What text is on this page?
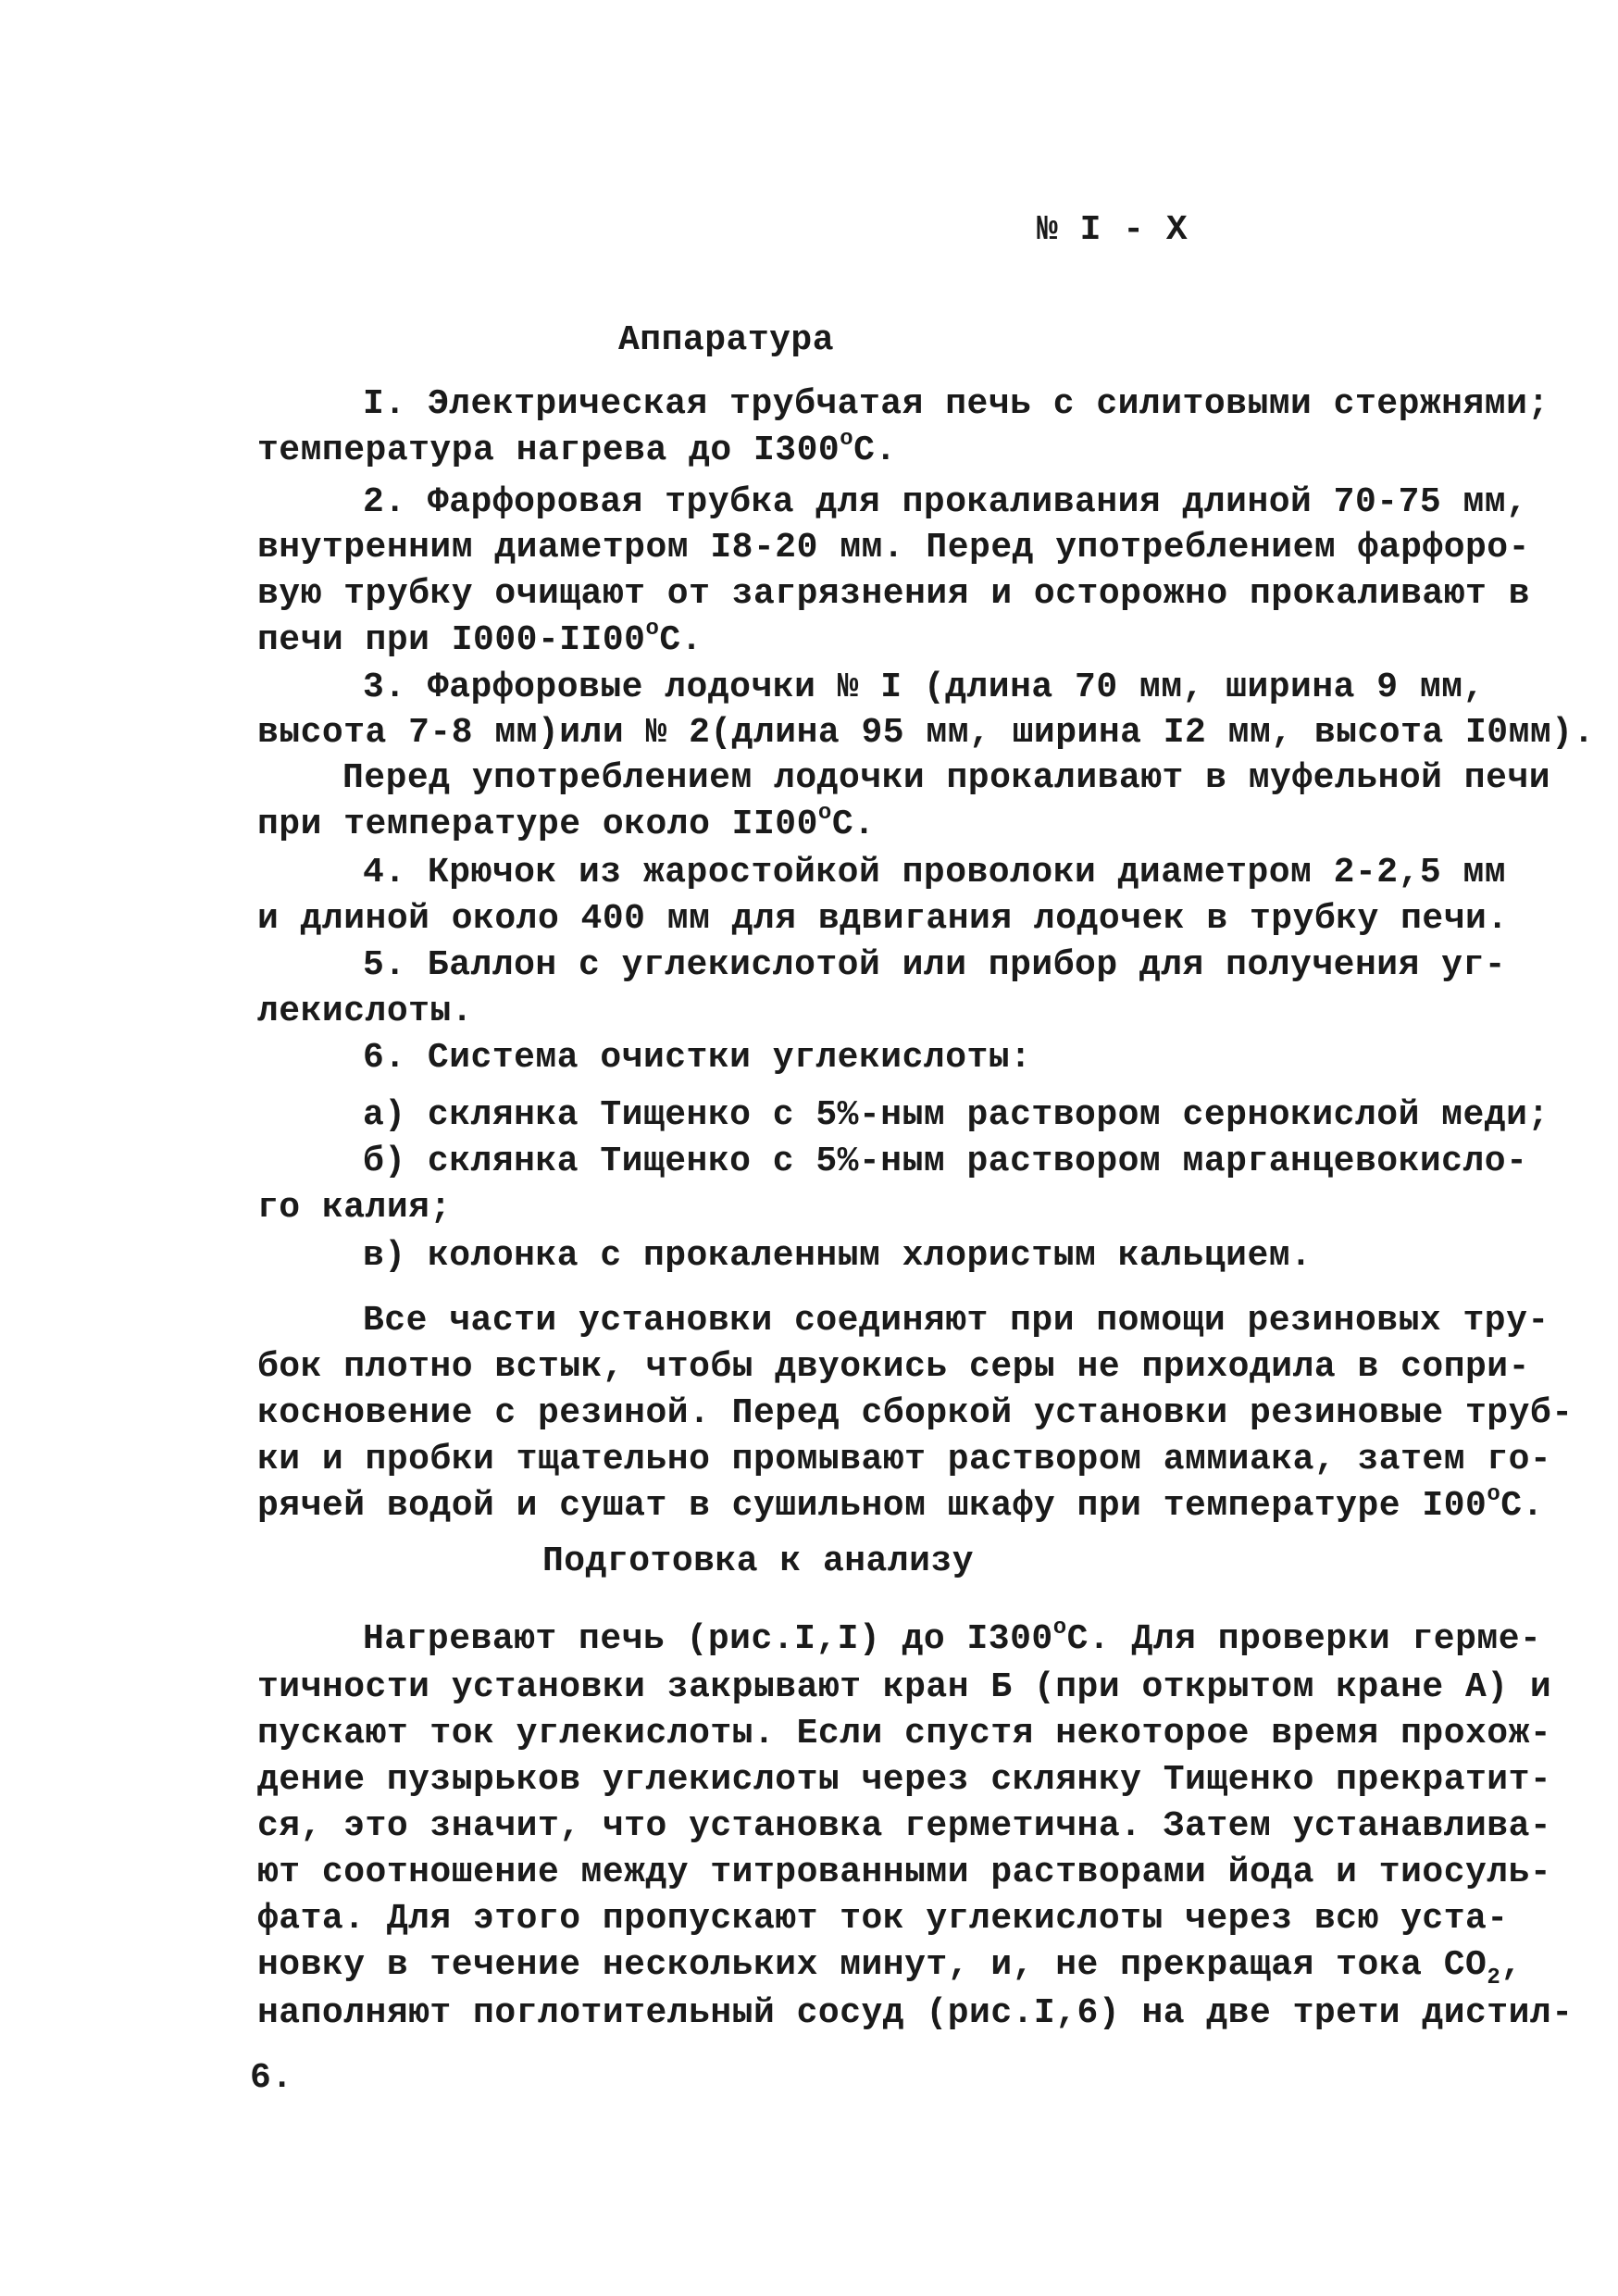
№ I - X

Аппаратура

I. Электрическая трубчатая печь с силитовыми стержнями;

температура нагрева до $I300^оС$.

2. Фарфоровая трубка для прокаливания длиной 70-75 мм,

внутренним диаметром I8-20 мм. Перед употреблением фарфоро-

вую трубку очищают от загрязнения и осторожно прокаливают в

печи при $I000-II00^оС$.

3. Фарфоровые лодочки № I (длина 70 мм, ширина 9 мм,

высота 7-8 мм)или № 2(длина 95 мм, ширина I2 мм, высота I0мм).

Перед употреблением лодочки прокаливают в муфельной печи

при температуре около $II00^оС$.

4. Крючок из жаростойкой проволоки диаметром 2-2,5 мм

и длиной около 400 мм для вдвигания лодочек в трубку печи.

5. Баллон с углекислотой или прибор для получения уг-

лекислоты.

6. Система очистки углекислоты:

а) склянка Тищенко с 5%-ным раствором сернокислой меди;

б) склянка Тищенко с 5%-ным раствором марганцевокисло-

го калия;

в) колонка с прокаленным хлористым кальцием.

Все части установки соединяют при помощи резиновых тру-

бок плотно встык, чтобы двуокись серы не приходила в сопри-

косновение с резиной. Перед сборкой установки резиновые труб-

ки и пробки тщательно промывают раствором аммиака, затем го-

рячей водой и сушат в сушильном шкафу при температуре $I00^оС$.

Подготовка к анализу

Нагревают печь (рис.I,I) до $I300^оС$. Для проверки герме-

тичности установки закрывают кран Б (при открытом кране А) и

пускают ток углекислоты. Если спустя некоторое время прохож-

дение пузырьков углекислоты через склянку Тищенко прекратит-

ся, это значит, что установка герметична. Затем устанавлива-

ют соотношение между титрованными растворами йода и тиосуль-

фата. Для этого пропускают ток углекислоты через всю уста-

новку в течение нескольких минут, и, не прекращая тока $СО_2$,

наполняют поглотительный сосуд (рис.I,6) на две трети дистил-

6.
